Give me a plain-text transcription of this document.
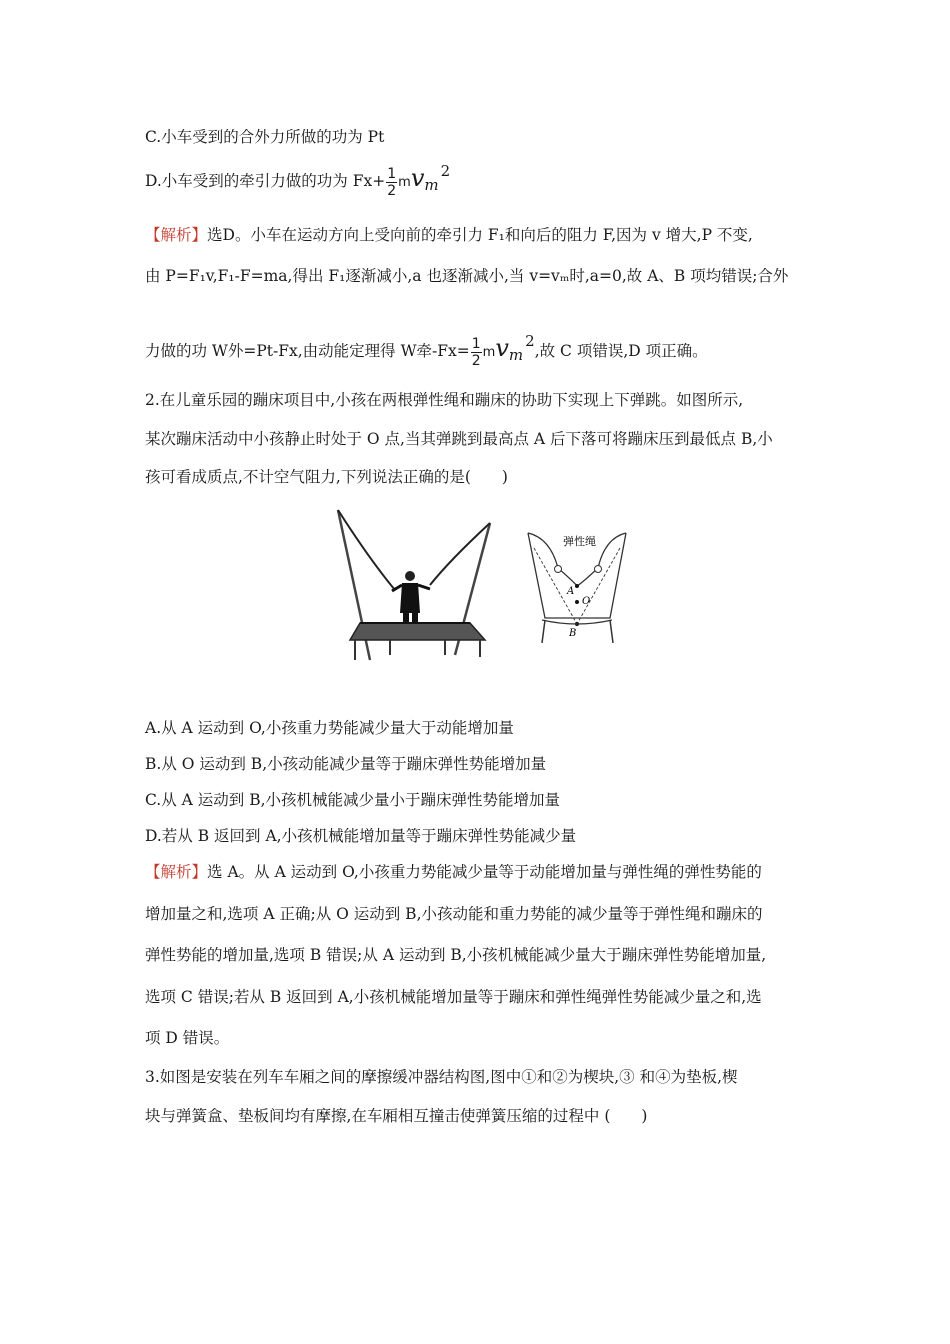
C.小车受到的合外力所做的功为 Pt
D.小车受到的牵引力做的功为 $Fx+ \frac{1}{2} mv_m^2$
【解析】选D。小车在运动方向上受向前的牵引力 F₁和向后的阻力 F,因为 v 增大,P 不变,
由 P=F₁v,F₁-F=ma,得出 F₁逐渐减小,a 也逐渐减小,当 v=vₘ时,a=0,故 A、B 项均错误;合外
力做的功 W外=Pt-Fx,由动能定理得 W牵$-Fx= \frac{1}{2} mv_m^2$,故 C 项错误,D 项正确。
2.在儿童乐园的蹦床项目中,小孩在两根弹性绳和蹦床的协助下实现上下弹跳。如图所示,
某次蹦床活动中小孩静止时处于 O 点,当其弹跳到最高点 A 后下落可将蹦床压到最低点 B,小
孩可看成质点,不计空气阻力,下列说法正确的是(　　)
弹性绳
A
O
B
A.从 A 运动到 O,小孩重力势能减少量大于动能增加量
B.从 O 运动到 B,小孩动能减少量等于蹦床弹性势能增加量
C.从 A 运动到 B,小孩机械能减少量小于蹦床弹性势能增加量
D.若从 B 返回到 A,小孩机械能增加量等于蹦床弹性势能减少量
【解析】选 A。从 A 运动到 O,小孩重力势能减少量等于动能增加量与弹性绳的弹性势能的
增加量之和,选项 A 正确;从 O 运动到 B,小孩动能和重力势能的减少量等于弹性绳和蹦床的
弹性势能的增加量,选项 B 错误;从 A 运动到 B,小孩机械能减少量大于蹦床弹性势能增加量,
选项 C 错误;若从 B 返回到 A,小孩机械能增加量等于蹦床和弹性绳弹性势能减少量之和,选
项 D 错误。
3.如图是安装在列车车厢之间的摩擦缓冲器结构图,图中①和②为楔块,③ 和④为垫板,楔
块与弹簧盒、垫板间均有摩擦,在车厢相互撞击使弹簧压缩的过程中 (　　)
